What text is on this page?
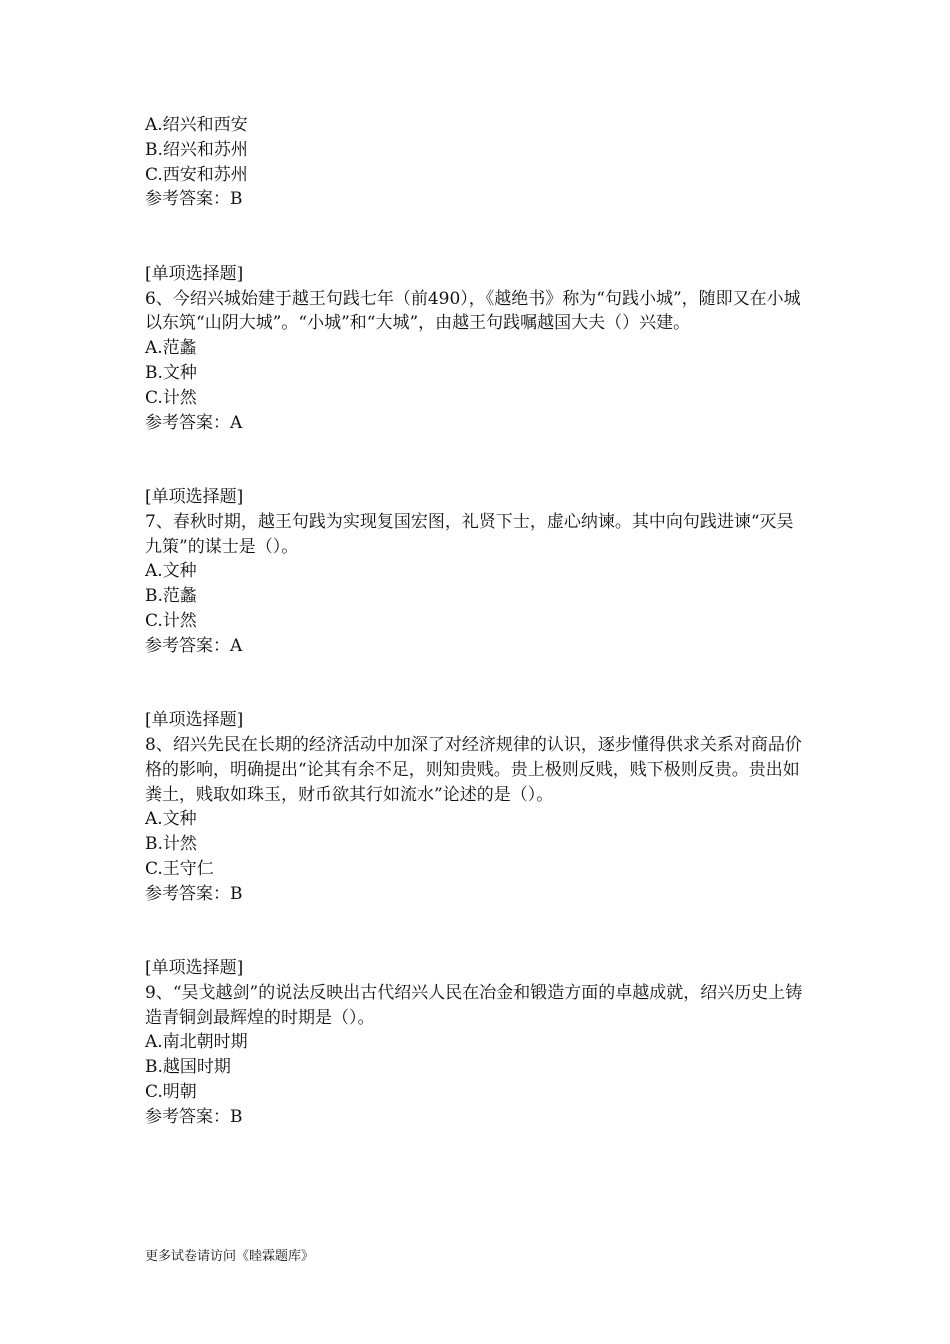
A.绍兴和西安
B.绍兴和苏州
C.西安和苏州
参考答案：B
[单项选择题]
6、今绍兴城始建于越王句践七年（前490），《越绝书》称为“句践小城”，随即又在小城以东筑“山阴大城”。“小城”和“大城”，由越王句践嘱越国大夫（）兴建。
A.范蠡
B.文种
C.计然
参考答案：A
[单项选择题]
7、春秋时期，越王句践为实现复国宏图，礼贤下士，虚心纳谏。其中向句践进谏“灭吴九策”的谋士是（）。
A.文种
B.范蠡
C.计然
参考答案：A
[单项选择题]
8、绍兴先民在长期的经济活动中加深了对经济规律的认识，逐步懂得供求关系对商品价格的影响，明确提出“论其有余不足，则知贵贱。贵上极则反贱，贱下极则反贵。贵出如粪土，贱取如珠玉，财币欲其行如流水”论述的是（）。
A.文种
B.计然
C.王守仁
参考答案：B
[单项选择题]
9、“吴戈越剑”的说法反映出古代绍兴人民在冶金和锻造方面的卓越成就，绍兴历史上铸造青铜剑最辉煌的时期是（）。
A.南北朝时期
B.越国时期
C.明朝
参考答案：B
更多试卷请访问《睦霖题库》
